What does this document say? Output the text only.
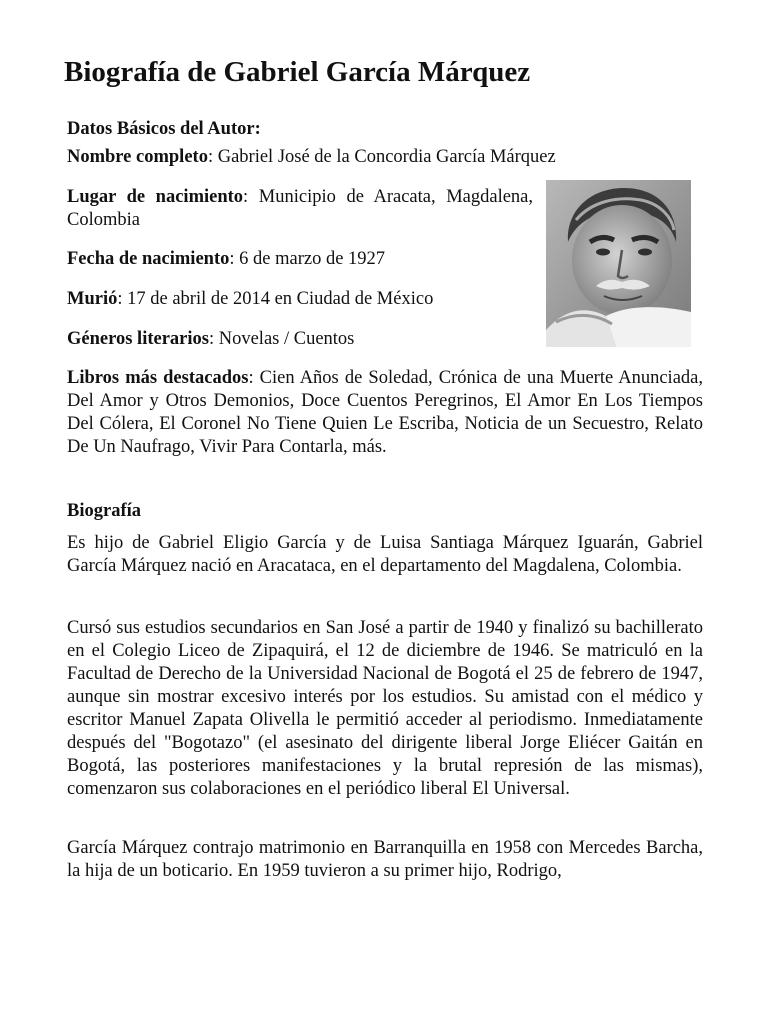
Biografía de Gabriel García Márquez
Datos Básicos del Autor:
Nombre completo: Gabriel José de la Concordia García Márquez
Lugar de nacimiento: Municipio de Aracata, Magdalena, Colombia
Fecha de nacimiento: 6 de marzo de 1927
Murió: 17 de abril de 2014 en Ciudad de México
Géneros literarios: Novelas / Cuentos
Libros más destacados: Cien Años de Soledad, Crónica de una Muerte Anunciada, Del Amor y Otros Demonios, Doce Cuentos Peregrinos, El Amor En Los Tiempos Del Cólera, El Coronel No Tiene Quien Le Escriba, Noticia de un Secuestro, Relato De Un Naufrago, Vivir Para Contarla, más.
Biografía
Es hijo de Gabriel Eligio García y de Luisa Santiaga Márquez Iguarán, Gabriel García Márquez nació en Aracataca, en el departamento del Magdalena, Colombia.
Cursó sus estudios secundarios en San José a partir de 1940 y finalizó su bachillerato en el Colegio Liceo de Zipaquirá, el 12 de diciembre de 1946. Se matriculó en la Facultad de Derecho de la Universidad Nacional de Bogotá el 25 de febrero de 1947, aunque sin mostrar excesivo interés por los estudios. Su amistad con el médico y escritor Manuel Zapata Olivella le permitió acceder al periodismo. Inmediatamente después del "Bogotazo" (el asesinato del dirigente liberal Jorge Eliécer Gaitán en Bogotá, las posteriores manifestaciones y la brutal represión de las mismas), comenzaron sus colaboraciones en el periódico liberal El Universal.
García Márquez contrajo matrimonio en Barranquilla en 1958 con Mercedes Barcha, la hija de un boticario. En 1959 tuvieron a su primer hijo, Rodrigo,
